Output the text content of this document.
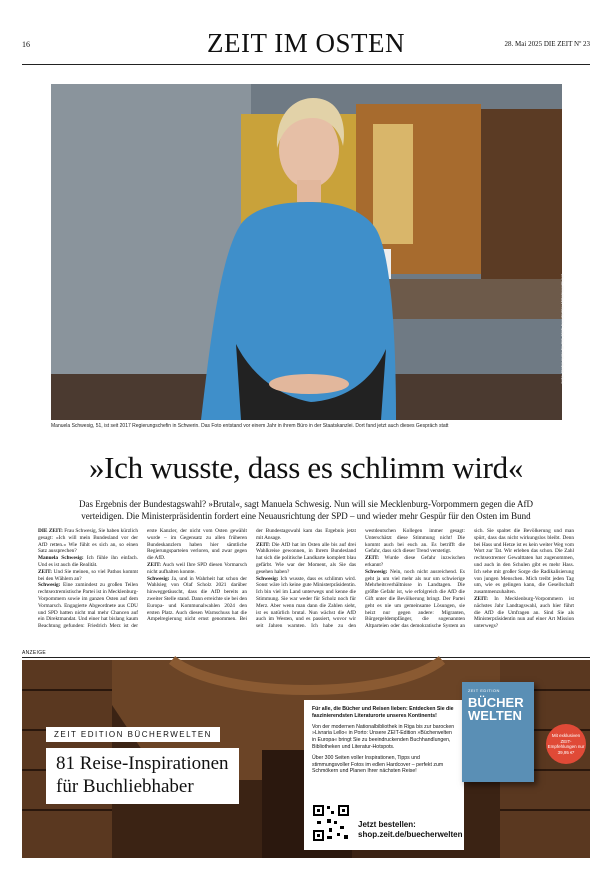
16	ZEIT IM OSTEN	28. Mai 2025 DIE ZEIT Nº 23
Foto: Stefan Nolte für DIE ZEIT; Geschichte: Mittelmeer/Kunst
Manuela Schwesig, 51, ist seit 2017 Regierungschefin in Schwerin. Das Foto entstand vor einem Jahr in ihrem Büro in der Staatskanzlei. Dort fand jetzt auch dieses Gespräch statt
»Ich wusste, dass es schlimm wird«
Das Ergebnis der Bundestagswahl? »Brutal«, sagt Manuela Schwesig. Nun will sie Mecklenburg-Vorpommern gegen die AfD verteidigen. Die Ministerpräsidentin fordert eine Neuausrichtung der SPD – und wieder mehr Gespür für den Osten im Bund

DIE ZEIT: Frau Schwesig, Sie haben kürzlich gesagt: »Ich will mein Bundesland vor der AfD retten.« Wie fühlt es sich an, so einen Satz aussprechen?

Manuela Schwesig: Ich fühle ihn einfach. Und es ist auch die Realität.

ZEIT: Und Sie meinen, so viel Pathos kommt bei den Wählern an?

Schwesig: Eine zumindest zu großen Teilen rechtsextremistische Partei ist in Mecklenburg-Vorpommern sowie im ganzen Osten auf dem Vormarsch. Engagierte Abgeordnete aus CDU und SPD hatten nicht mal mehr Chancen auf ein Direktmandat. Und einer hat bislang kaum Beachtung gefunden: Friedrich Merz ist der erste Kanzler, der nicht vom Osten gewählt wurde – im Gegensatz zu allen früheren Bundeskanzlern haben hier sämtliche Regierungsparteien verloren, und zwar gegen die AfD.

ZEIT: Auch weil Ihre SPD diesen Vormarsch nicht aufhalten konnte.

Schwesig: Ja, und in Wahrheit hat schon der Wahlsieg von Olaf Scholz 2021 darüber hinweggetäuscht, dass die AfD bereits an zweiter Stelle stand. Dann erreichte sie bei den Europa- und Kommunalwahlen 2024 den ersten Platz. Auch diesen Warnschuss hat die Ampelregierung nicht ernst genommen. Bei der Bundestagswahl kam das Ergebnis jetzt mit Ansage.

ZEIT: Die AfD hat im Osten alle bis auf drei Wahlkreise gewonnen, in Ihrem Bundesland hat sich die politische Landkarte komplett blau gefärbt. Wie war der Moment, als Sie das gesehen haben?

Schwesig: Ich wusste, dass es schlimm wird. Sonst wäre ich keine gute Ministerpräsidentin. Ich bin viel im Land unterwegs und kenne die Stimmung. Sie war weder für Scholz noch für Merz. Aber wenn man dann die Zahlen sieht, ist es natürlich brutal. Nun wächst die AfD auch im Westen, und es passiert, wovor wir seit Jahren warnten. Ich habe zu den westdeutschen Kollegen immer gesagt: Unterschätzt diese Stimmung nicht! Die kommt auch bei euch an. Es betrifft die Gefahr, dass sich dieser Trend verstetigt.

ZEIT: Wurde diese Gefahr inzwischen erkannt?

Schwesig: Nein, noch nicht ausreichend. Es geht ja um viel mehr als nur um schwierige Mehrheitsverhältnisse in Landtagen. Die größte Gefahr ist, wie erfolgreich die AfD die Gift unter die Bevölkerung bringt. Der Partei geht es nie um gemeinsame Lösungen, sie heizt nur gegen andere: Migranten, Bürgergeldempfänger, die sogenannten Altparteien oder das demokratische System an sich. Sie spaltet die Bevölkerung und man spürt, dass das nicht wirkungslos bleibt. Denn bei Hass und Hetze ist es kein weiter Weg vom Wort zur Tat. Wir erleben das schon. Die Zahl rechtsextremer Gewalttaten hat zugenommen, und auch in den Schulen gibt es mehr Hass. Ich sehe mit großer Sorge die Radikalisierung von jungen Menschen. Mich treibt jeden Tag um, wie es gelingen kann, die Gesellschaft zusammenzuhalten.

ZEIT: In Mecklenburg-Vorpommern ist nächstes Jahr Landtagswahl, auch hier führt die AfD die Umfragen an. Sind Sie als Ministerpräsidentin nun auf einer Art Mission unterwegs?

ANZEIGE
ZEIT EDITION BÜCHERWELTEN

81 Reise-Inspirationen
für Buchliebhaber

Für alle, die Bücher und Reisen lieben: Entdecken Sie die faszinierendsten Literaturorte unseres Kontinents!

Von der modernen Nationalbibliothek in Riga bis zur barocken »Livraria Lello« in Porto: Unsere ZEIT-Edition »Bücherwelten in Europa« bringt Sie zu beeindruckenden Buchhandlungen, Bibliotheken und Literatur-Hotspots.

Über 300 Seiten voller Inspirationen, Tipps und stimmungsvoller Fotos im edlen Hardcover – perfekt zum Schmökern und Planen Ihrer nächsten Reise!

Jetzt bestellen:
shop.zeit.de/buecherwelten
ZEIT EDITION
BÜCHER WELTEN
Mit exklusiven ZEIT-Empfehlungen nur 39,95 €*
